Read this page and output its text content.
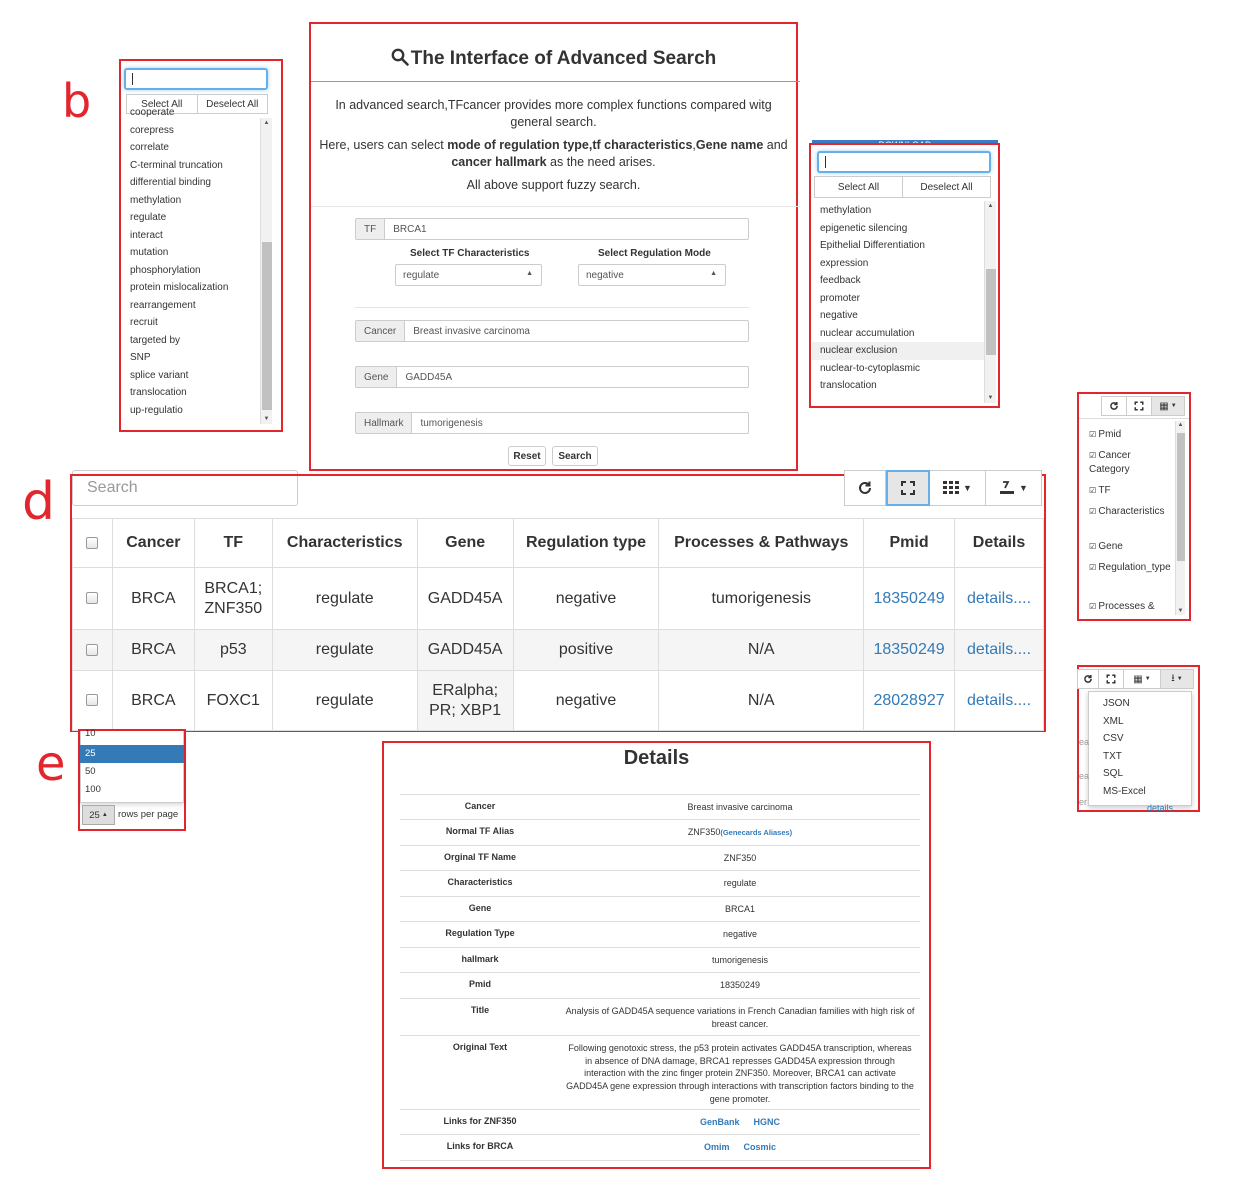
b
d
e
Select All	Deselect All
cooperate
corepress
correlate
C-terminal truncation
differential binding
methylation
regulate
interact
mutation
phosphorylation
protein mislocalization
rearrangement
recruit
targeted by
SNP
splice variant
translocation
up-regulatio
▲
▼
The Interface of Advanced Search
In advanced search,TFcancer provides more complex functions compared witg general search.
Here, users can select mode of regulation type,tf characteristics,Gene name and cancer hallmark as the need arises.
All above support fuzzy search.
TF	BRCA1
Select TF Characteristics	Select Regulation Mode
regulate	▲	negative	▲
Cancer	Breast invasive carcinoma
Gene	GADD45A
Hallmark	tumorigenesis
Reset	Search
Select All	Deselect All
methylation
epigenetic silencing
Epithelial Differentiation
expression
feedback
promoter
negative
nuclear accumulation
nuclear exclusion
nuclear-to-cytoplasmic
translocation
▲
▼
Search	▼	▼
	Cancer	TF	Characteristics	Gene	Regulation type	Processes & Pathways	Pmid	Details
	BRCA	BRCA1; ZNF350	regulate	GADD45A	negative	tumorigenesis	18350249	details....
	BRCA	p53	regulate	GADD45A	positive	N/A	18350249	details....
	BRCA	FOXC1	regulate	ERalpha; PR; XBP1	negative	N/A	28028927	details....
10
25
50
100
25 ▲ rows per page
▦ ▼
☑ Pmid
☑ Cancer Category
☑ TF
☑ Characteristics
☑ Gene
☑ Regulation_type
☑ Processes &
▲
▼
▦ ▼ ⭳ ▼
JSON
XML
CSV
TXT
SQL
MS-Excel
ea
ea
er
details
Details
Cancer	Breast invasive carcinoma
Normal TF Alias	ZNF350(Genecards Aliases)
Orginal TF Name	ZNF350
Characteristics	regulate
Gene	BRCA1
Regulation Type	negative
hallmark	tumorigenesis
Pmid	18350249
Title	Analysis of GADD45A sequence variations in French Canadian families with high risk of breast cancer.
Original Text	Following genotoxic stress, the p53 protein activates GADD45A transcription, whereas in absence of DNA damage, BRCA1 represses GADD45A expression through interaction with the zinc finger protein ZNF350. Moreover, BRCA1 can activate GADD45A gene expression through interactions with transcription factors binding to the gene promoter.
Links for ZNF350	GenBank HGNC
Links for BRCA	Omim Cosmic
